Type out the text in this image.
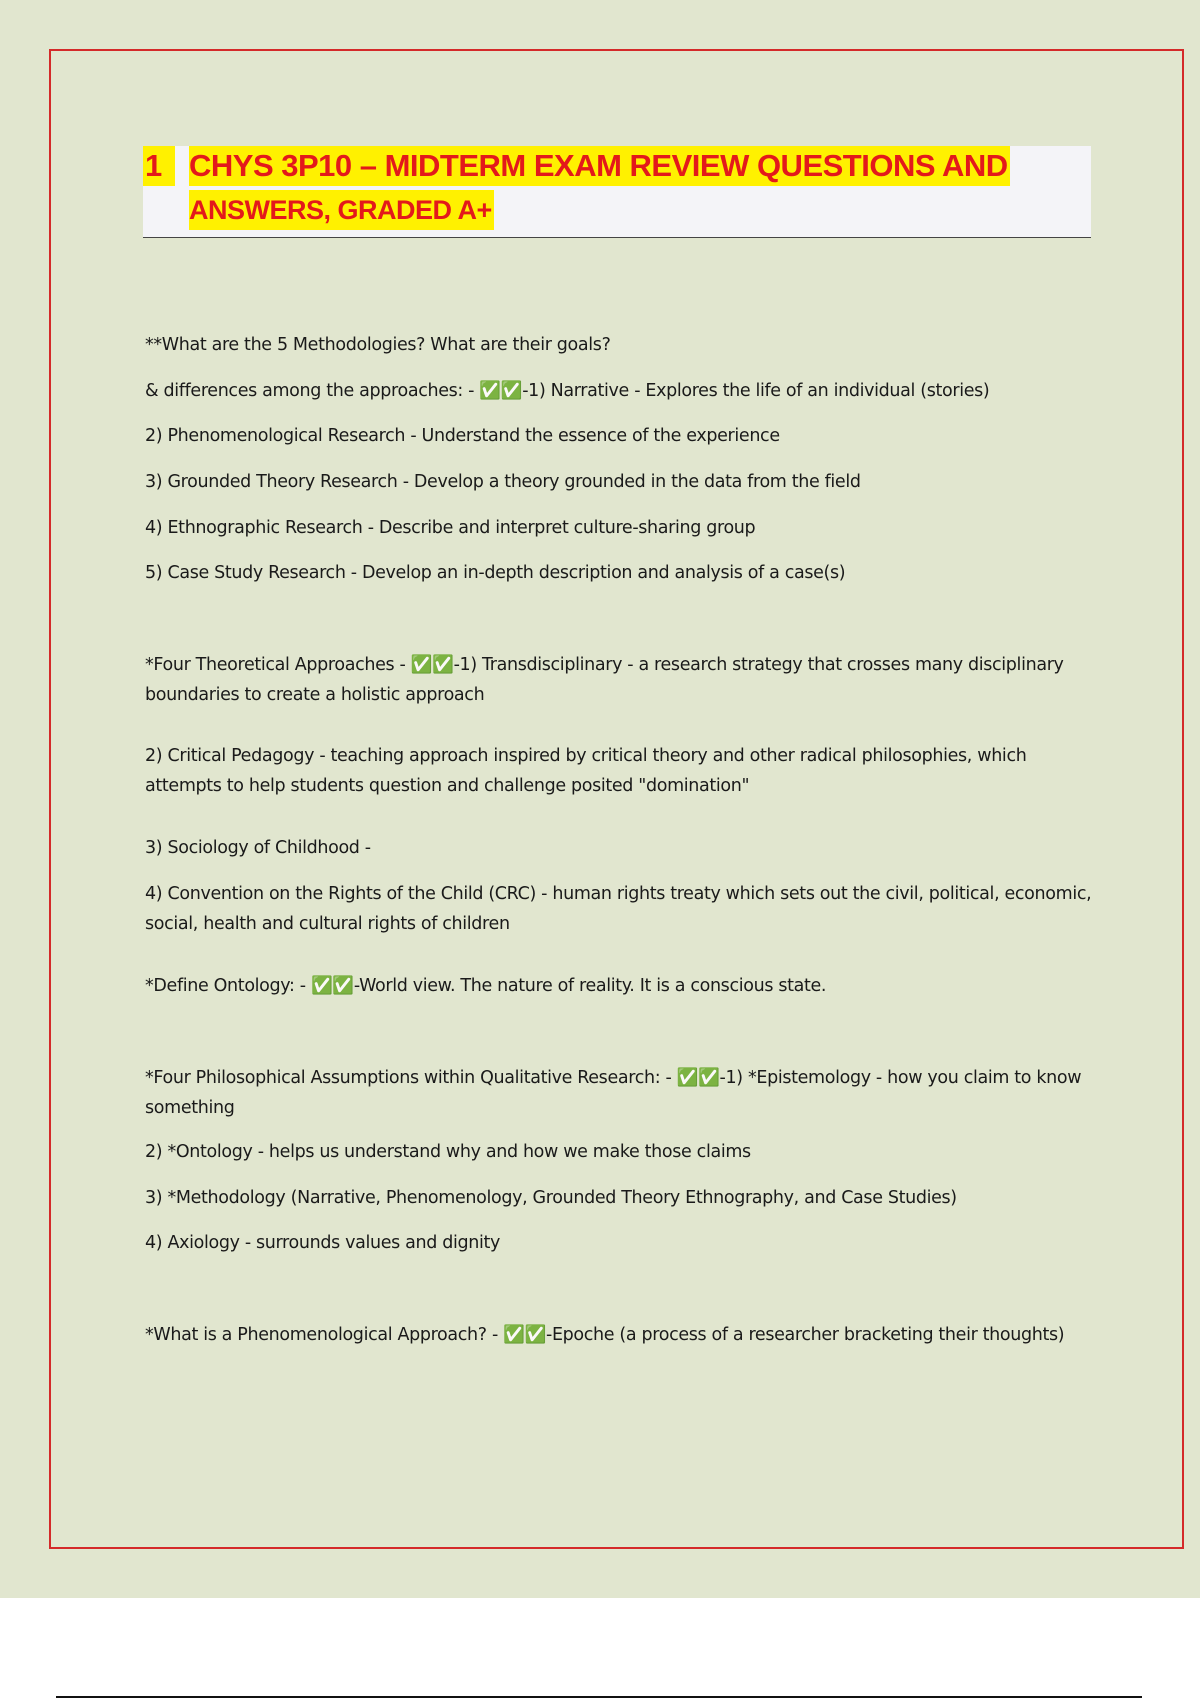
1 CHYS 3P10 – MIDTERM EXAM REVIEW QUESTIONS AND
ANSWERS, GRADED A+

**What are the 5 Methodologies? What are their goals?

& differences among the approaches: - ✅✅-1) Narrative - Explores the life of an individual (stories)

2) Phenomenological Research - Understand the essence of the experience

3) Grounded Theory Research - Develop a theory grounded in the data from the field

4) Ethnographic Research - Describe and interpret culture-sharing group

5) Case Study Research - Develop an in-depth description and analysis of a case(s)

*Four Theoretical Approaches - ✅✅-1) Transdisciplinary - a research strategy that crosses many disciplinary boundaries to create a holistic approach

2) Critical Pedagogy - teaching approach inspired by critical theory and other radical philosophies, which attempts to help students question and challenge posited "domination"

3) Sociology of Childhood -

4) Convention on the Rights of the Child (CRC) - human rights treaty which sets out the civil, political, economic, social, health and cultural rights of children

*Define Ontology: - ✅✅-World view. The nature of reality. It is a conscious state.

*Four Philosophical Assumptions within Qualitative Research: - ✅✅-1) *Epistemology - how you claim to know something

2) *Ontology - helps us understand why and how we make those claims

3) *Methodology (Narrative, Phenomenology, Grounded Theory Ethnography, and Case Studies)

4) Axiology - surrounds values and dignity

*What is a Phenomenological Approach? - ✅✅-Epoche (a process of a researcher bracketing their thoughts)
